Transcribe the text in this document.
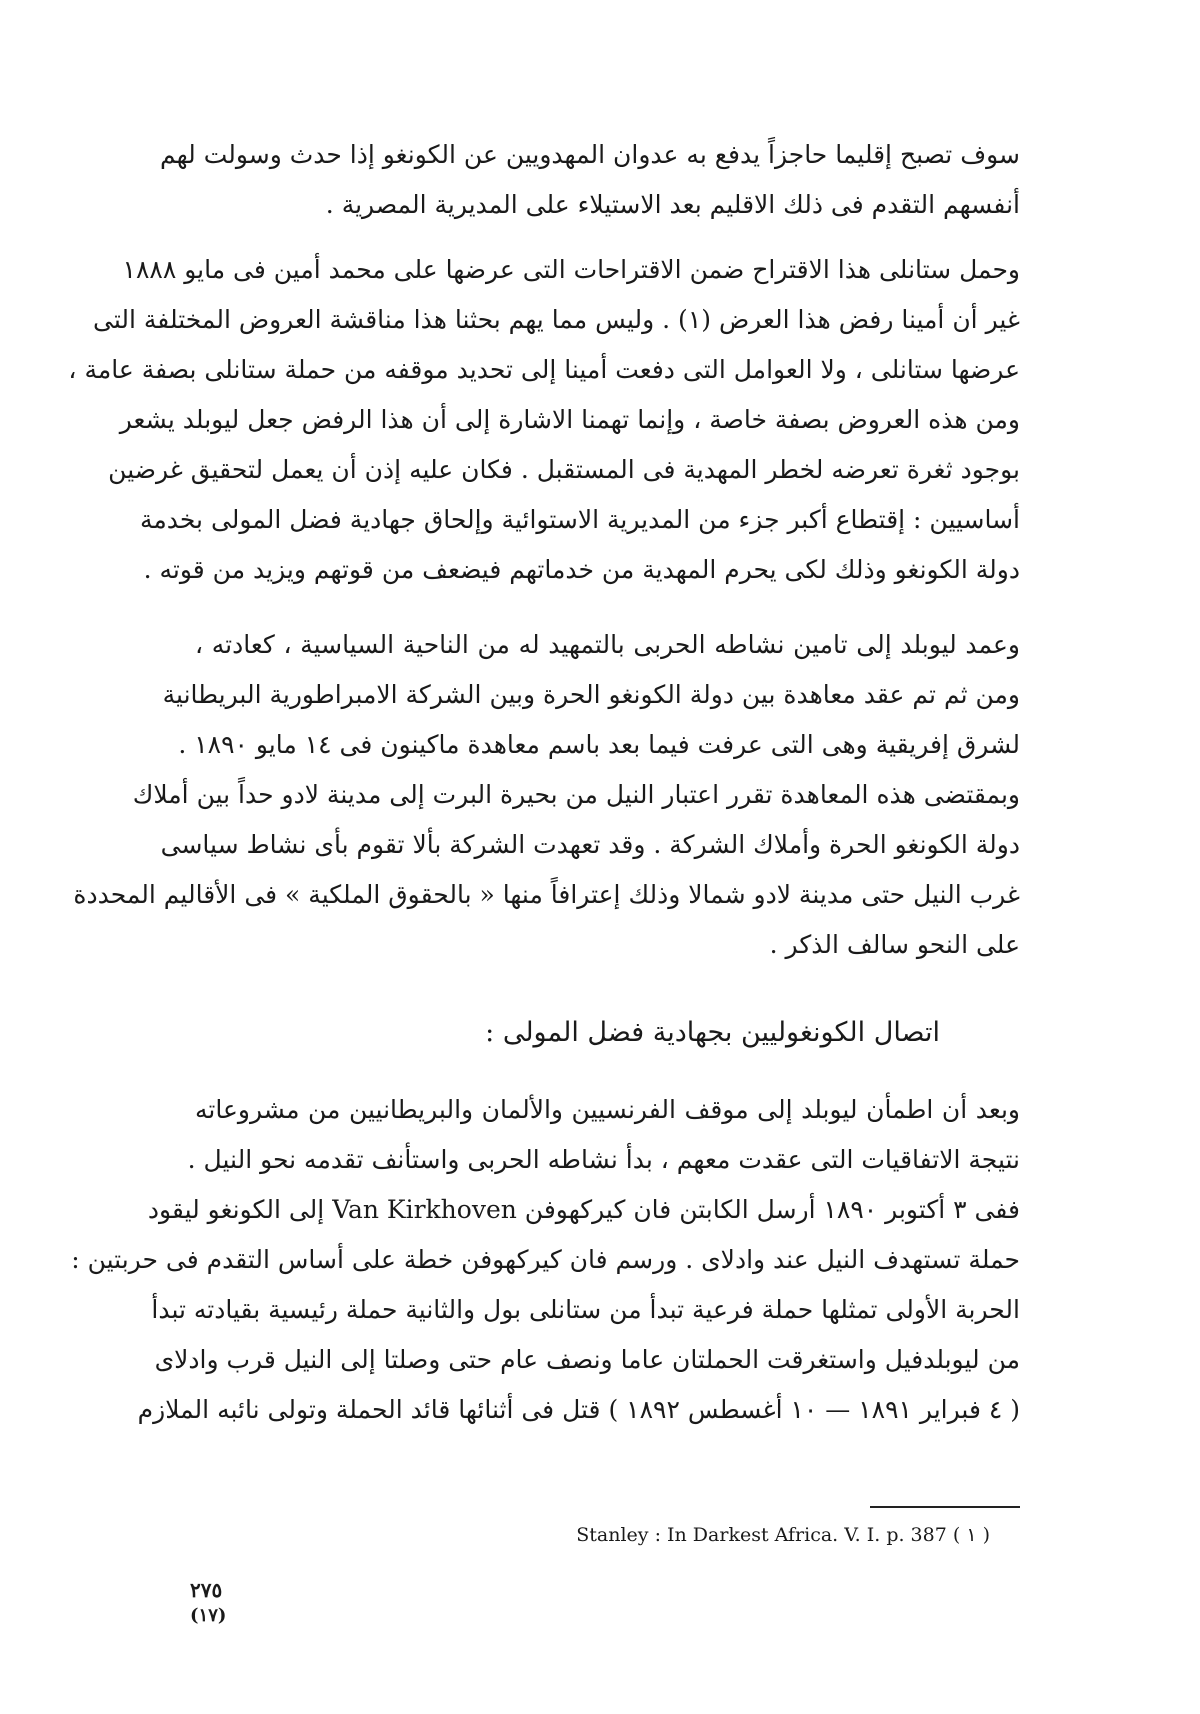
سوف تصبح إقليما حاجزاً يدفع به عدوان المهدويين عن الكونغو إذا حدث وسولت لهم
أنفسهم التقدم فى ذلك الاقليم بعد الاستيلاء على المديرية المصرية .
وحمل ستانلى هذا الاقتراح ضمن الاقتراحات التى عرضها على محمد أمين فى مايو ١٨٨٨
غير أن أمينا رفض هذا العرض (١) . وليس مما يهم بحثنا هذا مناقشة العروض المختلفة التى
عرضها ستانلى ، ولا العوامل التى دفعت أمينا إلى تحديد موقفه من حملة ستانلى بصفة عامة ،
ومن هذه العروض بصفة خاصة ، وإنما تهمنا الاشارة إلى أن هذا الرفض جعل ليوبلد يشعر
بوجود ثغرة تعرضه لخطر المهدية فى المستقبل . فكان عليه إذن أن يعمل لتحقيق غرضين
أساسيين : إقتطاع أكبر جزء من المديرية الاستوائية وإلحاق جهادية فضل المولى بخدمة
دولة الكونغو وذلك لكى يحرم المهدية من خدماتهم فيضعف من قوتهم ويزيد من قوته .
وعمد ليوبلد إلى تامين نشاطه الحربى بالتمهيد له من الناحية السياسية ، كعادته ،
ومن ثم تم عقد معاهدة بين دولة الكونغو الحرة وبين الشركة الامبراطورية البريطانية
لشرق إفريقية وهى التى عرفت فيما بعد باسم معاهدة ماكينون فى ١٤ مايو ١٨٩٠ .
وبمقتضى هذه المعاهدة تقرر اعتبار النيل من بحيرة البرت إلى مدينة لادو حداً بين أملاك
دولة الكونغو الحرة وأملاك الشركة . وقد تعهدت الشركة بألا تقوم بأى نشاط سياسى
غرب النيل حتى مدينة لادو شمالا وذلك إعترافاً منها « بالحقوق الملكية » فى الأقاليم المحددة
على النحو سالف الذكر .
اتصال الكونغوليين بجهادية فضل المولى :
وبعد أن اطمأن ليوبلد إلى موقف الفرنسيين والألمان والبريطانيين من مشروعاته
نتيجة الاتفاقيات التى عقدت معهم ، بدأ نشاطه الحربى واستأنف تقدمه نحو النيل .
ففى ٣ أكتوبر ١٨٩٠ أرسل الكابتن فان كيركهوفن Van Kirkhoven إلى الكونغو ليقود
حملة تستهدف النيل عند وادلاى . ورسم فان كيركهوفن خطة على أساس التقدم فى حربتين :
الحربة الأولى تمثلها حملة فرعية تبدأ من ستانلى بول والثانية حملة رئيسية بقيادته تبدأ
من ليوبلدفيل واستغرقت الحملتان عاما ونصف عام حتى وصلتا إلى النيل قرب وادلاى
( ٤ فبراير ١٨٩١ — ١٠ أغسطس ١٨٩٢ ) قتل فى أثنائها قائد الحملة وتولى نائبه الملازم
Stanley : In Darkest Africa. V. I. p. 387 ( ١ )
٢٧٥
(١٧)
